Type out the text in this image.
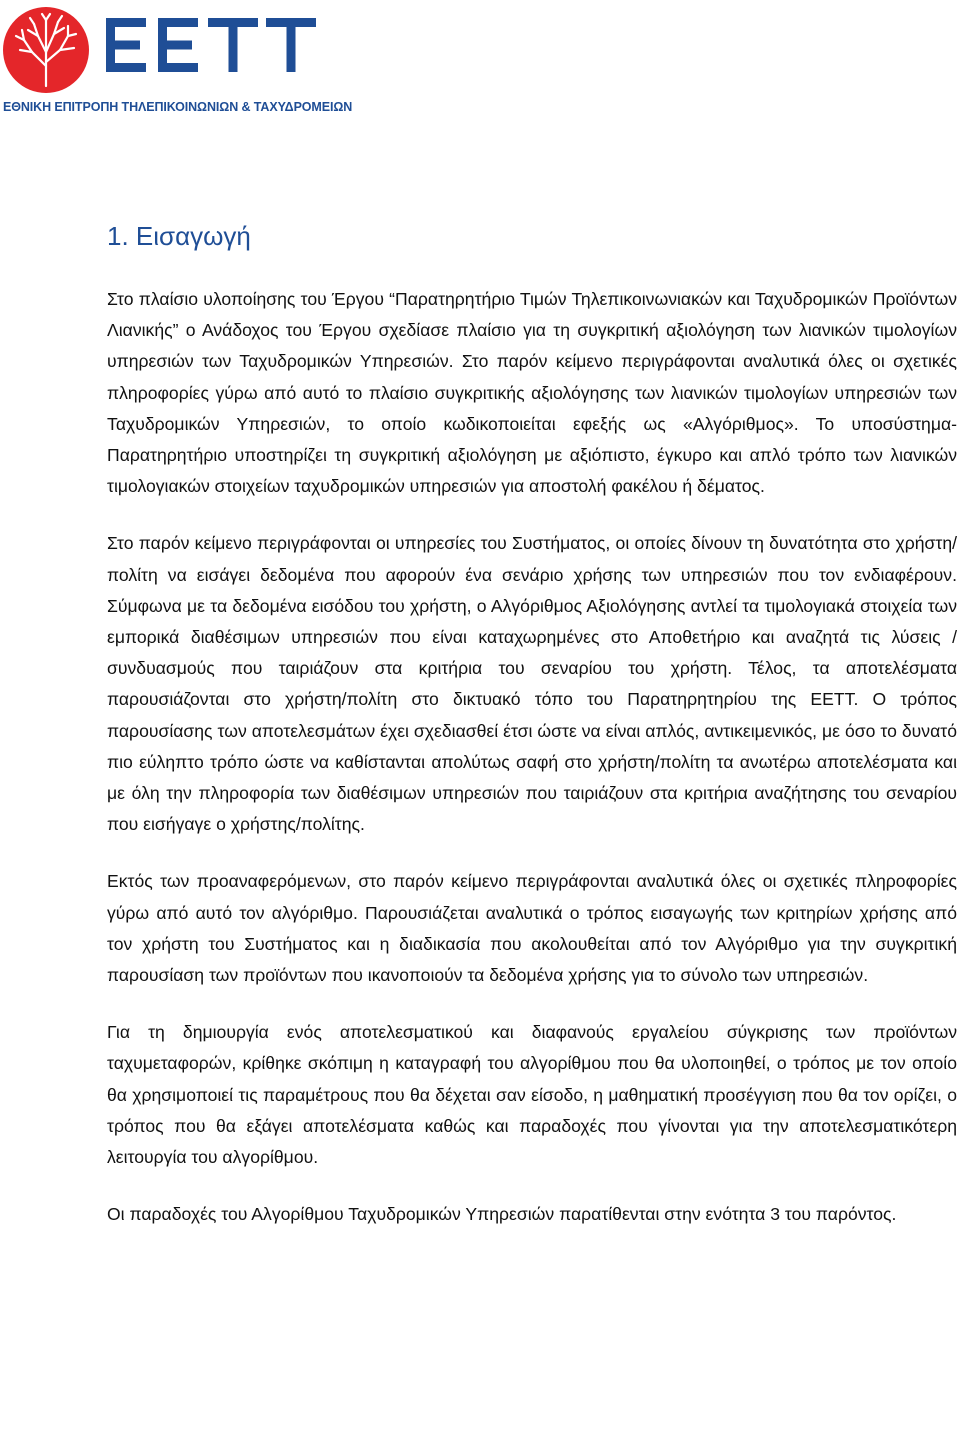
ΕΘΝΙΚΗ ΕΠΙΤΡΟΠΗ ΤΗΛΕΠΙΚΟΙΝΩΝΙΩΝ & ΤΑΧΥΔΡΟΜΕΙΩΝ
1. Εισαγωγή

Στο πλαίσιο υλοποίησης του Έργου “Παρατηρητήριο Τιμών Τηλεπικοινωνιακών και Ταχυδρομικών Προϊόντων Λιανικής” ο Ανάδοχος του Έργου σχεδίασε πλαίσιο για τη συγκριτική αξιολόγηση των λιανικών τιμολογίων υπηρεσιών των Ταχυδρομικών Υπηρεσιών. Στο παρόν κείμενο περιγράφονται αναλυτικά όλες οι σχετικές πληροφορίες γύρω από αυτό το πλαίσιο συγκριτικής αξιολόγησης των λιανικών τιμολογίων υπηρεσιών των Ταχυδρομικών Υπηρεσιών, το οποίο κωδικοποιείται εφεξής ως «Αλγόριθμος». Το υποσύστημα-Παρατηρητήριο υποστηρίζει τη συγκριτική αξιολόγηση με αξιόπιστο, έγκυρο και απλό τρόπο των λιανικών τιμολογιακών στοιχείων ταχυδρομικών υπηρεσιών για αποστολή φακέλου ή δέματος.

Στο παρόν κείμενο περιγράφονται οι υπηρεσίες του Συστήματος, οι οποίες δίνουν τη δυνατότητα στο χρήστη/πολίτη να εισάγει δεδομένα που αφορούν ένα σενάριο χρήσης των υπηρεσιών που τον ενδιαφέρουν. Σύμφωνα με τα δεδομένα εισόδου του χρήστη, ο Αλγόριθμος Αξιολόγησης αντλεί τα τιμολογιακά στοιχεία των εμπορικά διαθέσιμων υπηρεσιών που είναι καταχωρημένες στο Αποθετήριο και αναζητά τις λύσεις / συνδυασμούς που ταιριάζουν στα κριτήρια του σεναρίου του χρήστη. Τέλος, τα αποτελέσματα παρουσιάζονται στο χρήστη/πολίτη στο δικτυακό τόπο του Παρατηρητηρίου της ΕΕΤΤ. Ο τρόπος παρουσίασης των αποτελεσμάτων έχει σχεδιασθεί έτσι ώστε να είναι απλός, αντικειμενικός, με όσο το δυνατό πιο εύληπτο τρόπο ώστε να καθίστανται απολύτως σαφή στο χρήστη/πολίτη τα ανωτέρω αποτελέσματα και με όλη την πληροφορία των διαθέσιμων υπηρεσιών που ταιριάζουν στα κριτήρια αναζήτησης του σεναρίου που εισήγαγε ο χρήστης/πολίτης.

Εκτός των προαναφερόμενων, στο παρόν κείμενο περιγράφονται αναλυτικά όλες οι σχετικές πληροφορίες γύρω από αυτό τον αλγόριθμο. Παρουσιάζεται αναλυτικά ο τρόπος εισαγωγής των κριτηρίων χρήσης από τον χρήστη του Συστήματος και η διαδικασία που ακολουθείται από τον Αλγόριθμο για την συγκριτική παρουσίαση των προϊόντων που ικανοποιούν τα δεδομένα χρήσης για το σύνολο των υπηρεσιών.

Για τη δημιουργία ενός αποτελεσματικού και διαφανούς εργαλείου σύγκρισης των προϊόντων ταχυμεταφορών, κρίθηκε σκόπιμη η καταγραφή του αλγορίθμου που θα υλοποιηθεί, ο τρόπος με τον οποίο θα χρησιμοποιεί τις παραμέτρους που θα δέχεται σαν είσοδο, η μαθηματική προσέγγιση που θα τον ορίζει, ο τρόπος που θα εξάγει αποτελέσματα καθώς και παραδοχές που γίνονται για την αποτελεσματικότερη λειτουργία του αλγορίθμου.

Οι παραδοχές του Αλγορίθμου Ταχυδρομικών Υπηρεσιών παρατίθενται στην ενότητα 3 του παρόντος.
